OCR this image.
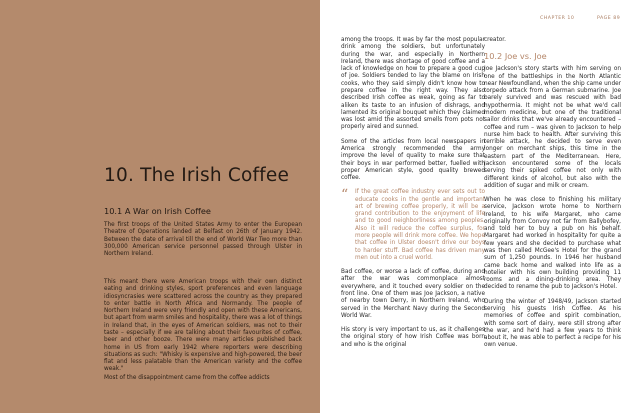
10. The Irish Coffee
10.1 A War on Irish Coffee
The first troops of the United States Army to enter the European Theatre of Operations landed at Belfast on 26th of January 1942. Between the date of arrival till the end of World War Two more than 300,000 American service personnel passed through Ulster in Northern Ireland.
This meant there were American troops with their own distinct eating and drinking styles, sport preferences and even language idiosyncrasies were scattered across the country as they prepared to enter battle in North Africa and Normandy. The people of Northern Ireland were very friendly and open with these Americans, but apart from warm smiles and hospitality, there was a lot of things in Ireland that, in the eyes of American soldiers, was not to their taste – especially if we are talking about their favourites of coffee, beer and other booze. There were many articles published back home in US from early 1942 where reporters were describing situations as such: "Whisky is expensive and high-powered, the beer flat and less palatable than the American variety and the coffee weak."
Most of the disappointment came from the coffee addicts
CHAPTER 10	PAGE 89

among the troops. It was by far the most popular drink among the soldiers, but unfortunately during the war, and especially in Northern Ireland, there was shortage of good coffee and a lack of knowledge on how to prepare a good cup of joe. Soldiers tended to lay the blame on Irish cooks, who they said simply didn't know how to prepare coffee in the right way. They also described Irish coffee as weak, going as far to aliken its taste to an infusion of dishrags, and lamented its original bouquet which they claimed was lost amid the assorted smells from pots not properly aired and sunned.

Some of the articles from local newspapers in America strongly recommended the army improve the level of quality to make sure that their boys in war performed better, fuelled with proper American style, good quality brewed coffee.

“ If the great coffee industry ever sets out to educate cooks in the gentle and important art of brewing coffee properly, it will be a grand contribution to the enjoyment of life and to good neighborliness among peoples. Also it will reduce the coffee surplus, for more people will drink more coffee. We hope that coffee in Ulster doesn't drive our boys to harder stuff. Bad coffee has driven many men out into a cruel world.

Bad coffee, or worse a lack of coffee, during and after the war was commonplace almost everywhere, and it touched every soldier on the front line. One of them was Joe Jackson, a native of nearby town Derry, in Northern Ireland, who served in the Merchant Navy during the Second World War.

His story is very important to us, as it challenges the original story of how Irish Coffee was born and who is the original

creator.

10.2 Joe vs. Joe

Joe Jackson's story starts with him serving on one of the battleships in the North Atlantic near Newfoundland, when the ship came under torpedo attack from a German submarine. Joe barely survived and was rescued with bad hypothermia. It might not be what we'd call modern medicine, but one of the traditional sailor drinks that we've already encountered – coffee and rum – was given to Jackson to help nurse him back to health. After surviving this terrible attack, he decided to serve even longer on merchant ships, this time in the eastern part of the Mediterranean. Here, Jackson encountered some of the locals serving their spiked coffee not only with different kinds of alcohol, but also with the addition of sugar and milk or cream.

When he was close to finishing his military service, Jackson wrote home to Northern Ireland, to his wife Margaret, who came originally from Convoy not far from Ballybofey, and told her to buy a pub on his behalf. Margaret had worked in hospitality for quite a few years and she decided to purchase what was then called McGee's Hotel for the grand sum of 1,250 pounds. In 1946 her husband came back home and walked into life as a hotelier with his own building providing 11 rooms and a dining-drinking area. They decided to rename the pub to Jackson's Hotel.

During the winter of 1948/49, Jackson started serving his guests Irish Coffee. As his memories of coffee and spirit combination, with some sort of dairy, were still strong after the war, and he'd had a few years to think about it, he was able to perfect a recipe for his own venue.
